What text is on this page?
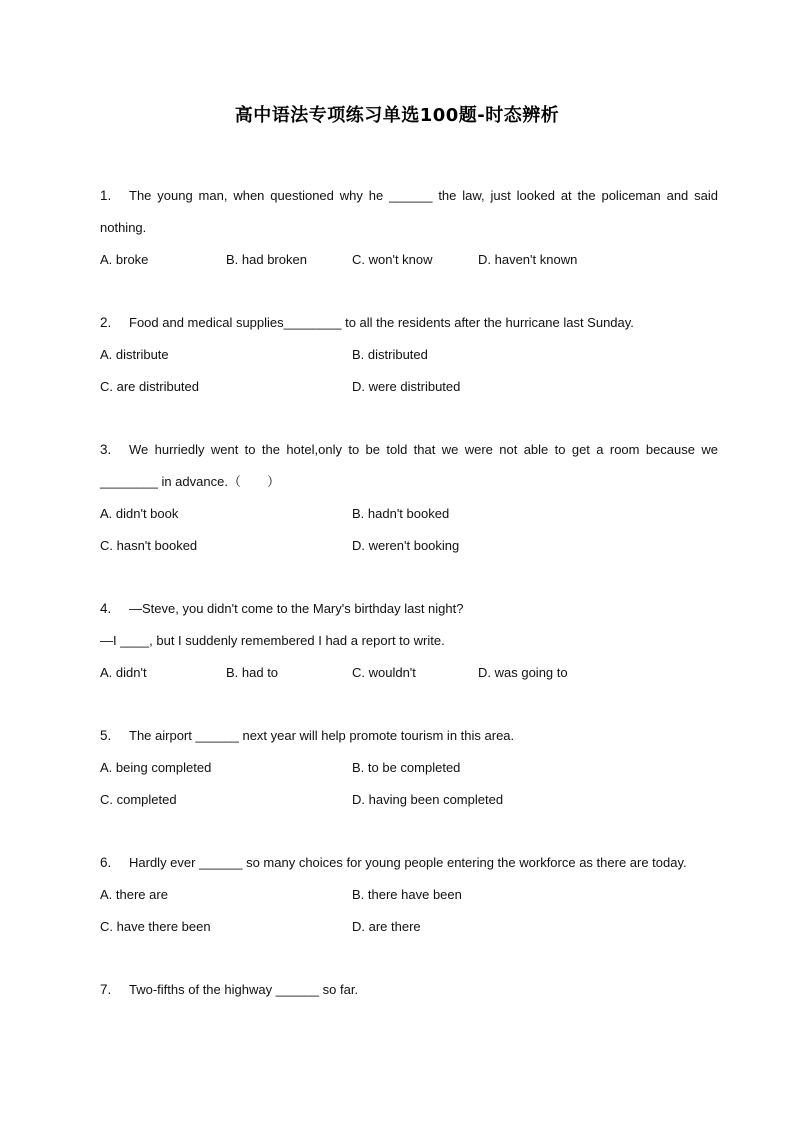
高中语法专项练习单选100题-时态辨析
1. The young man, when questioned why he ______ the law, just looked at the policeman and said
nothing.
A. broke	B. had broken	C. won't know	D. haven't known
2. Food and medical supplies________ to all the residents after the hurricane last Sunday.
A. distribute	B. distributed
C. are distributed	D. were distributed
3. We hurriedly went to the hotel,only to be told that we were not able to get a room because we
________ in advance.（　　）
A. didn't book	B. hadn't booked
C. hasn't booked	D. weren't booking
4. —Steve, you didn't come to the Mary's birthday last night?
—I ____, but I suddenly remembered I had a report to write.
A. didn't	B. had to	C. wouldn't	D. was going to
5. The airport ______ next year will help promote tourism in this area.
A. being completed	B. to be completed
C. completed	D. having been completed
6. Hardly ever ______ so many choices for young people entering the workforce as there are today.
A. there are	B. there have been
C. have there been	D. are there
7. Two-fifths of the highway ______ so far.
